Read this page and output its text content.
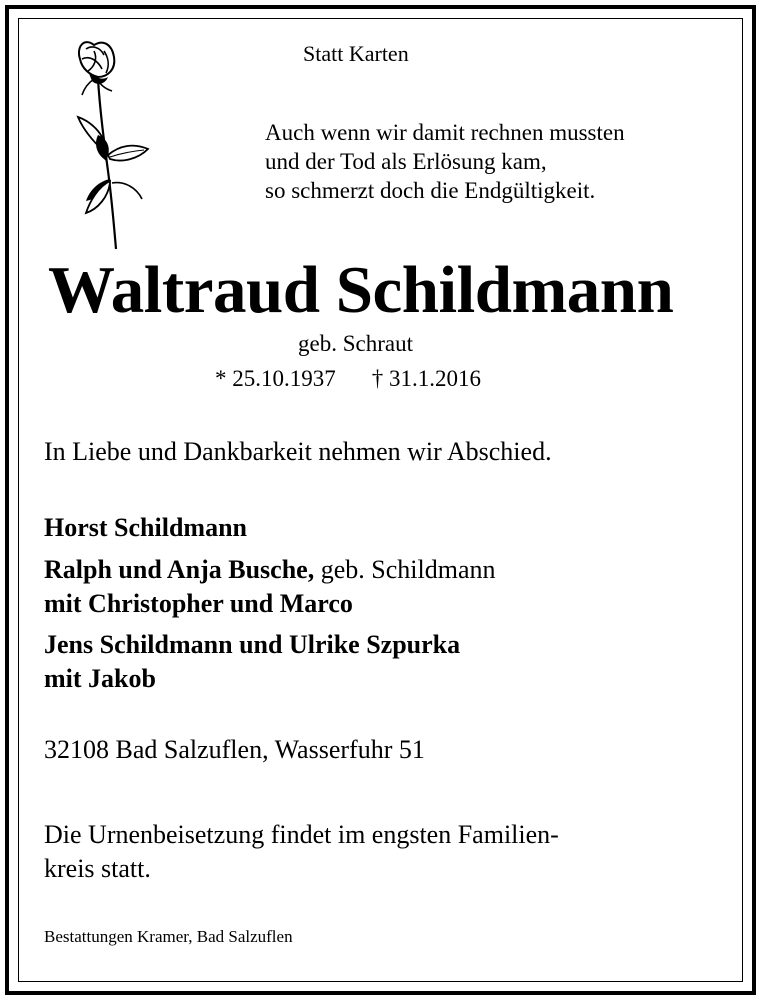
Statt Karten
Auch wenn wir damit rechnen mussten
und der Tod als Erlösung kam,
so schmerzt doch die Endgültigkeit.
Waltraud Schildmann
geb. Schraut
* 25.10.1937 † 31.1.2016
In Liebe und Dankbarkeit nehmen wir Abschied.
Horst Schildmann
Ralph und Anja Busche, geb. Schildmann
mit Christopher und Marco
Jens Schildmann und Ulrike Szpurka
mit Jakob
32108 Bad Salzuflen, Wasserfuhr 51
Die Urnenbeisetzung findet im engsten Familien-
kreis statt.
Bestattungen Kramer, Bad Salzuflen
